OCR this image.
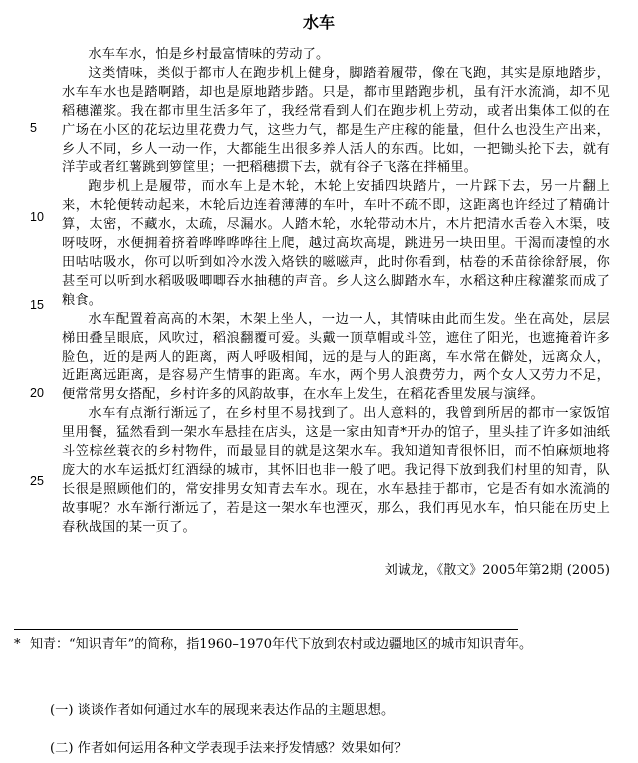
水车

水车车水，怕是乡村最富情味的劳动了。

这类情味，类似于都市人在跑步机上健身，脚踏着履带，像在飞跑，其实是原地踏步，水车车水也是踏啊踏，却也是原地踏步踏。只是，都市里踏跑步机，虽有汗水流淌，却不见稻穗灌浆。我在都市里生活多年了，我经常看到人们在跑步机上劳动，或者出集体工似的在广场在小区的花坛边里花费力气，这些力气，都是生产庄稼的能量，但什么也没生产出来，乡人不同，乡人一动一作，大都能生出很多养人活人的东西。比如，一把锄头抡下去，就有洋芋或者红薯跳到箩筐里；一把稻穗掼下去，就有谷子飞落在拌桶里。

跑步机上是履带，而水车上是木轮，木轮上安插四块踏片，一片踩下去，另一片翻上来，木轮便转动起来，木轮后边连着薄薄的车叶，车叶不疏不即，这距离也许经过了精确计算，太密，不藏水，太疏，尽漏水。人踏木轮，水轮带动木片，木片把清水舌卷入木渠，吱呀吱呀，水便拥着挤着哗哗哗哗往上爬，越过高坎高堤，跳进另一块田里。干渴而凄惶的水田咕咕吸水，你可以听到如冷水泼入烙铁的嗞嗞声，此时你看到，枯卷的禾苗徐徐舒展，你甚至可以听到水稻吸吸唧唧吞水抽穗的声音。乡人这么脚踏水车，水稻这种庄稼灌浆而成了粮食。

水车配置着高高的木架，木架上坐人，一边一人，其情味由此而生发。坐在高处，层层梯田叠呈眼底，风吹过，稻浪翻覆可爱。头戴一顶草帽或斗笠，遮住了阳光，也遮掩着许多脸色，近的是两人的距离，两人呼吸相闻，远的是与人的距离，车水常在僻处，远离众人，近距离远距离，是容易产生情事的距离。车水，两个男人浪费劳力，两个女人又劳力不足，便常常男女搭配，乡村许多的风韵故事，在水车上发生，在稻花香里发展与演绎。

水车有点渐行渐远了，在乡村里不易找到了。出人意料的，我曾到所居的都市一家饭馆里用餐，猛然看到一架水车悬挂在店头，这是一家由知青*开办的馆子，里头挂了许多如油纸斗笠棕丝蓑衣的乡村物件，而最显目的就是这架水车。我知道知青很怀旧，而不怕麻烦地将庞大的水车运抵灯红酒绿的城市，其怀旧也非一般了吧。我记得下放到我们村里的知青，队长很是照顾他们的，常安排男女知青去车水。现在，水车悬挂于都市，它是否有如水流淌的故事呢？水车渐行渐远了，若是这一架水车也湮灭，那么，我们再见水车，怕只能在历史上春秋战国的某一页了。

5
10
15
20
25
刘诚龙，《散文》2005年第2期 (2005)
* 知青：“知识青年”的简称，指1960–1970年代下放到农村或边疆地区的城市知识青年。
(一) 谈谈作者如何通过水车的展现来表达作品的主题思想。
(二) 作者如何运用各种文学表现手法来抒发情感？效果如何？
